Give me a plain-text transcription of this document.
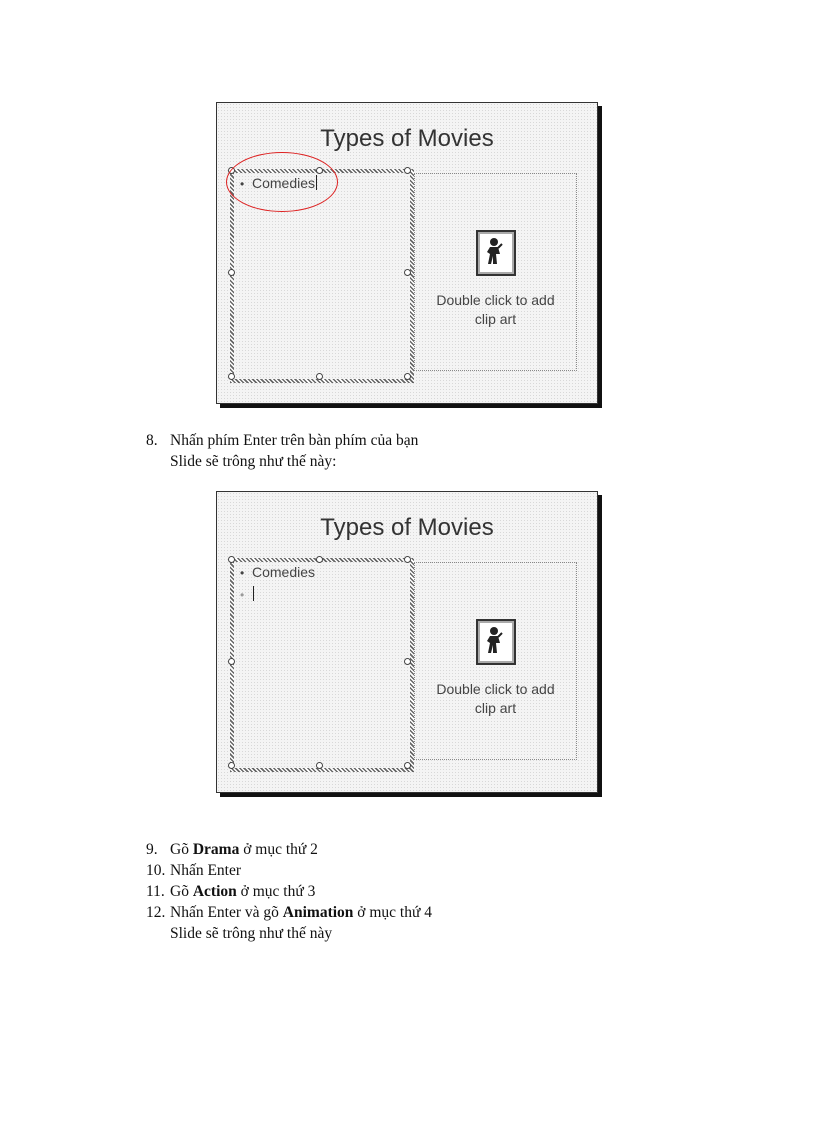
Types of Movies
• Comedies
Double click to add
clip art
8. Nhấn phím Enter trên bàn phím của bạn
Slide sẽ trông như thế này:
Types of Movies
• Comedies
•
Double click to add
clip art
9. Gõ Drama ở mục thứ 2
10. Nhấn Enter
11. Gõ Action ở mục thứ 3
12. Nhấn Enter và gõ Animation ở mục thứ 4
Slide sẽ trông như thế này
